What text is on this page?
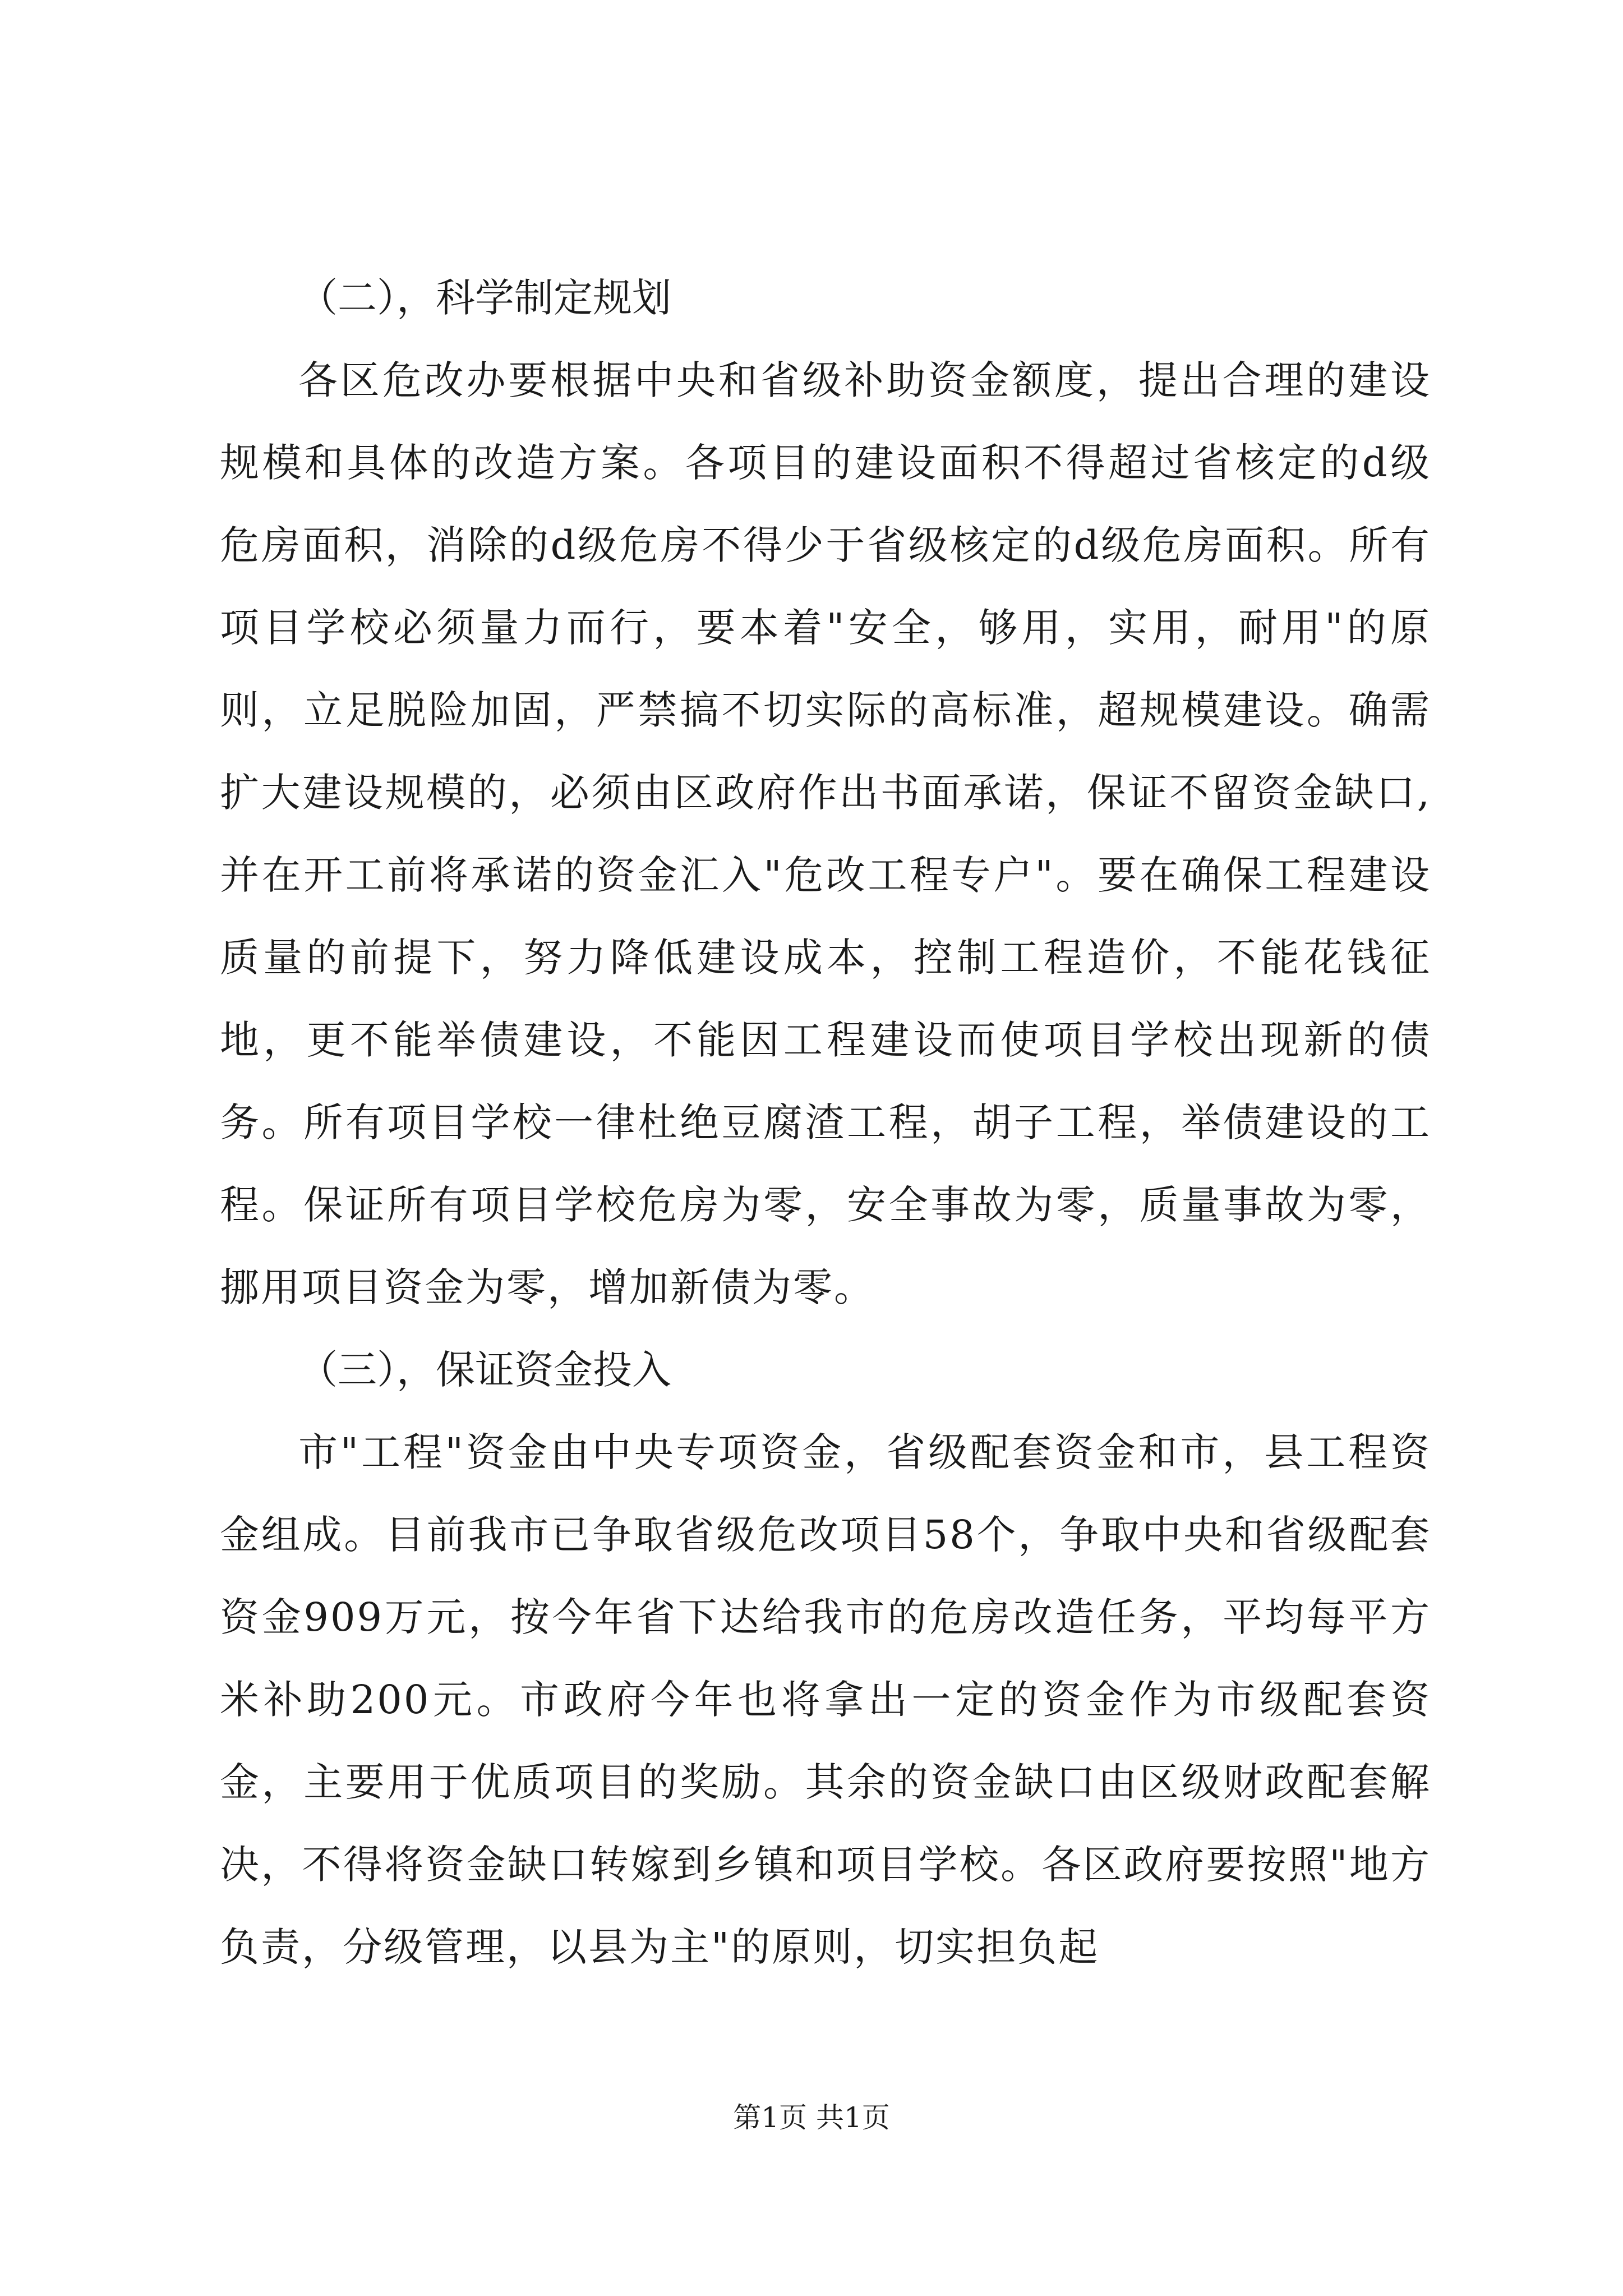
（二），科学制定规划

各区危改办要根据中央和省级补助资金额度，提出合理的建设规模和具体的改造方案。各项目的建设面积不得超过省核定的d级危房面积，消除的d级危房不得少于省级核定的d级危房面积。所有项目学校必须量力而行，要本着"安全，够用，实用，耐用"的原则，立足脱险加固，严禁搞不切实际的高标准，超规模建设。确需扩大建设规模的，必须由区政府作出书面承诺，保证不留资金缺口,并在开工前将承诺的资金汇入"危改工程专户"。要在确保工程建设质量的前提下，努力降低建设成本，控制工程造价，不能花钱征地，更不能举债建设，不能因工程建设而使项目学校出现新的债务。所有项目学校一律杜绝豆腐渣工程，胡子工程，举债建设的工程。保证所有项目学校危房为零，安全事故为零，质量事故为零，挪用项目资金为零，增加新债为零。

（三），保证资金投入

市"工程"资金由中央专项资金，省级配套资金和市，县工程资金组成。目前我市已争取省级危改项目58个，争取中央和省级配套资金909万元，按今年省下达给我市的危房改造任务，平均每平方米补助200元。市政府今年也将拿出一定的资金作为市级配套资金，主要用于优质项目的奖励。其余的资金缺口由区级财政配套解决，不得将资金缺口转嫁到乡镇和项目学校。各区政府要按照"地方负责，分级管理，以县为主"的原则，切实担负起

第1页 共1页
